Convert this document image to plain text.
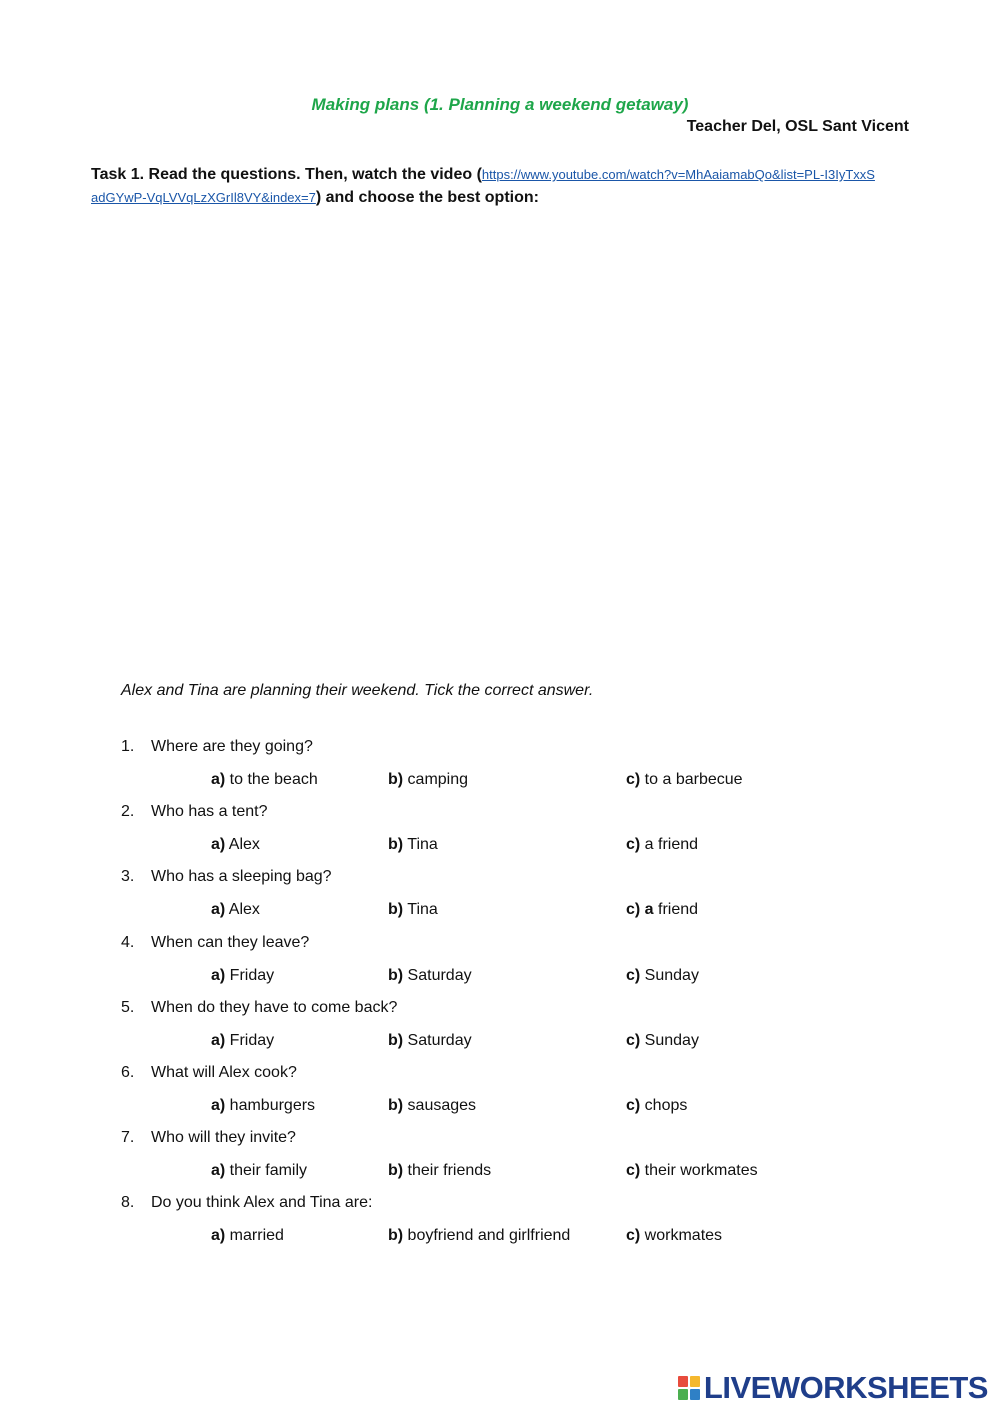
Making plans (1. Planning a weekend getaway)
Teacher Del, OSL Sant Vicent
Task 1. Read the questions. Then, watch the video (https://www.youtube.com/watch?v=MhAaiamabQo&list=PL-I3IyTxxSadGYwP-VqLVVqLzXGrIl8VY&index=7) and choose the best option:
Alex and Tina are planning their weekend. Tick the correct answer.
1. Where are they going?
a) to the beach	b) camping	c) to a barbecue
2. Who has a tent?
a) Alex	b) Tina	c) a friend
3. Who has a sleeping bag?
a) Alex	b) Tina	c) a friend
4. When can they leave?
a) Friday	b) Saturday	c) Sunday
5. When do they have to come back?
a) Friday	b) Saturday	c) Sunday
6. What will Alex cook?
a) hamburgers	b) sausages	c) chops
7. Who will they invite?
a) their family	b) their friends	c) their workmates
8. Do you think Alex and Tina are:
a) married	b) boyfriend and girlfriend	c) workmates
LIVEWORKSHEETS
